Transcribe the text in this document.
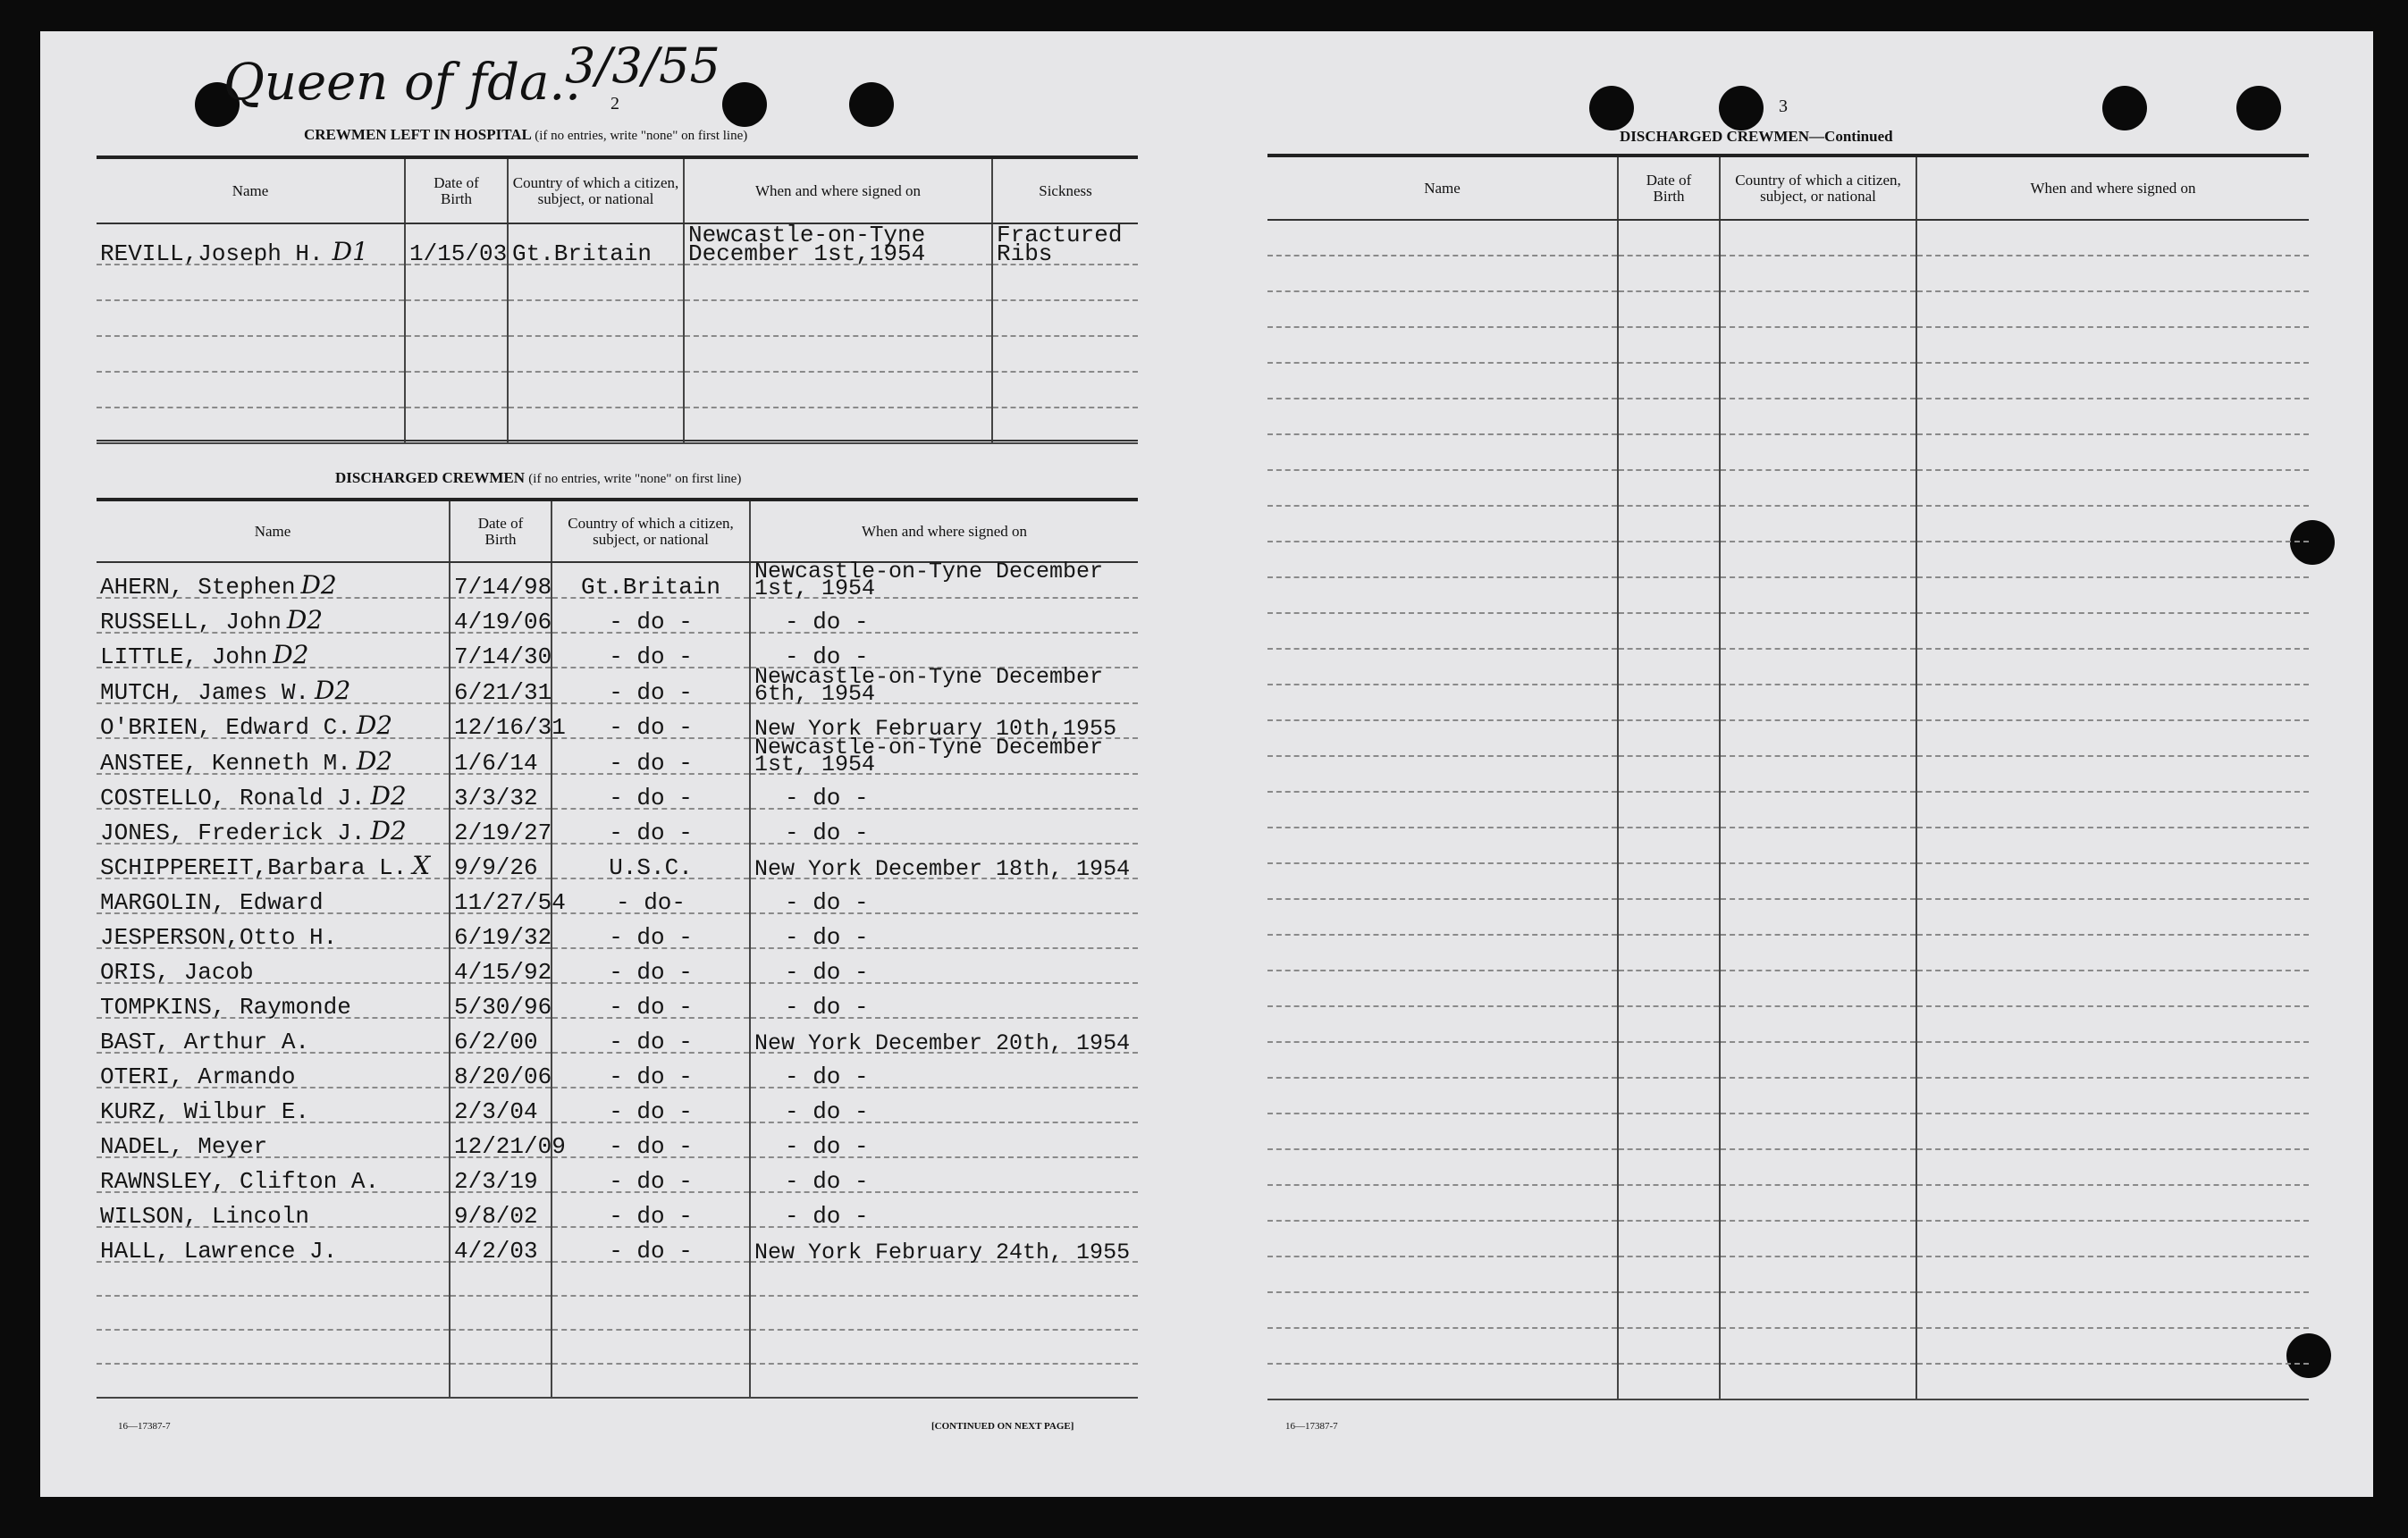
Queen of fda..
3/3/55
2
CREWMEN LEFT IN HOSPITAL (if no entries, write "none" on first line)
Name	Date of Birth	Country of which a citizen, subject, or national	When and where signed on	Sickness
REVILL,Joseph H. D1	1/15/03	Gt.Britain	Newcastle-on-Tyne December 1st,1954	Fractured Ribs

DISCHARGED CREWMEN (if no entries, write "none" on first line)
Name	Date of Birth	Country of which a citizen, subject, or national	When and where signed on
AHERN, Stephen D2	7/14/98	Gt.Britain	Newcastle-on-Tyne December 1st, 1954
RUSSELL, John D2	4/19/06	- do -	- do -
LITTLE, John D2	7/14/30	- do -	- do -
MUTCH, James W. D2	6/21/31	- do -	Newcastle-on-Tyne December 6th, 1954
O'BRIEN, Edward C. D2	12/16/31	- do -	New York February 10th,1955
ANSTEE, Kenneth M. D2	1/6/14	- do -	Newcastle-on-Tyne December 1st, 1954
COSTELLO, Ronald J. D2	3/3/32	- do -	- do -
JONES, Frederick J. D2	2/19/27	- do -	- do -
SCHIPPEREIT,Barbara L. X	9/9/26	U.S.C.	New York December 18th, 1954
MARGOLIN, Edward	11/27/54	- do-	- do -
JESPERSON,Otto H.	6/19/32	- do -	- do -
ORIS, Jacob	4/15/92	- do -	- do -
TOMPKINS, Raymonde	5/30/96	- do -	- do -
BAST, Arthur A.	6/2/00	- do -	New York December 20th, 1954
OTERI, Armando	8/20/06	- do -	- do -
KURZ, Wilbur E.	2/3/04	- do -	- do -
NADEL, Meyer	12/21/09	- do -	- do -
RAWNSLEY, Clifton A.	2/3/19	- do -	- do -
WILSON, Lincoln	9/8/02	- do -	- do -
HALL, Lawrence J.	4/2/03	- do -	New York February 24th, 1955

16—17387-7	[CONTINUED ON NEXT PAGE]
3
DISCHARGED CREWMEN—Continued
Name	Date of Birth	Country of which a citizen, subject, or national	When and where signed on

16—17387-7
